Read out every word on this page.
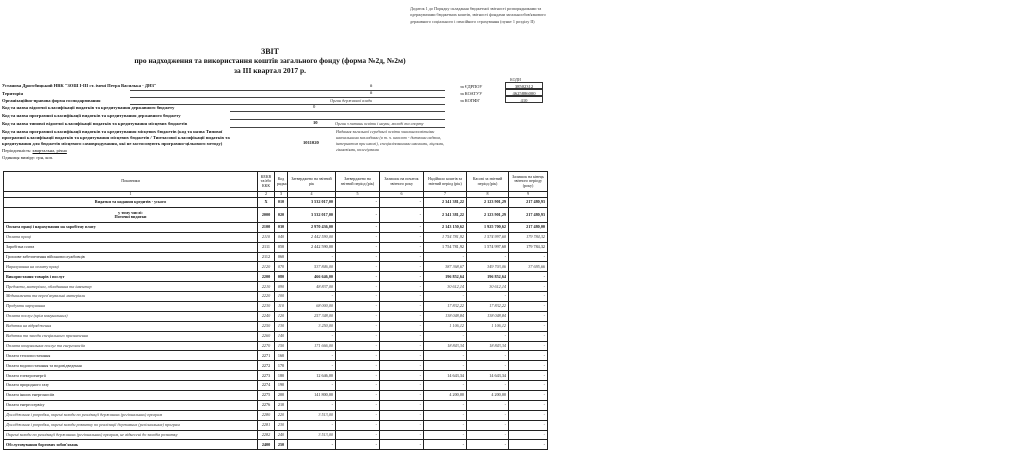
Додаток 1 до Порядку складання бюджетної звітності розпорядниками та одержувачами бюджетних коштів, звітності фондами загальнообов'язкового державного соціального і пенсійного страхування (пункт 1 розділу II)
ЗВІТ
про надходження та використання коштів загального фонду (форма №2д, №2м)
за ІІІ квартал 2017 р.
КОДИ
Установа Дрогобицький НВК "ЗОШ І-ІІІ ст. імені Петра Василька - ДНЗ"	#	за ЄДРПОУ	38502312
Територія	#	за КОАТУУ	4625886000
Організаційно-правова форма господарювання	Орган державної влади	за КОПФГ	410
Код та назва відомчої класифікації видатків та кредитування державного бюджету	0
Код та назва програмної класифікації видатків та кредитування державного бюджету
Код та назва типової відомчої класифікації видатків та кредитування місцевих бюджетів	10	Орган з питань освіти і науки, молоді та спорту
Код та назва програмної класифікації видатків та кредитування місцевих бюджетів (код та назва Типової
програмної класифікації видатків та кредитування місцевих бюджетів / Тимчасової класифікації видатків та
кредитування для бюджетів місцевого самоврядування, які не застосовують програмно-цільового методу)	1011020
Надання загальної середньої освіти загальноосвітніми навчальними закладами (в т. ч. школою - дитячим садком, інтернатом при школі), спеціалізованими школами, ліцеями, гімназіями, колегіумами
Періодичність: квартальна, річна
Одиниця виміру: грн, коп.
Показники	КЕКВ та/або ККК	Код рядка	Затверджено на звітний рік	Затверджено на звітний період (рік)	Залишок на початок звітного року	Надійшло коштів за звітний період (рік)	Касові за звітний період (рік)	Залишок на кінець звітного періоду (року)
1	2	3	4	5	6	7	8	9
Видатки та надання кредитів - усього	X	010	3 532 017,00	-	-	2 341 381,22	2 123 901,29	217 480,93
у тому числі:
Поточні видатки	2000	020	3 532 017,00	-	-	2 341 381,22	2 123 901,29	217 480,93
Оплата праці і нарахування на заробітну плату	2100	030	2 970 436,00	-	-	2 143 150,62	1 925 700,62	217 480,00
Оплата праці	2110	040	2 442 590,00	-	-	1 754 781,92	1 574 997,60	179 784,32
Заробітна плата	2111	050	2 442 590,00	-	-	1 754 781,92	1 574 997,60	179 784,32
Грошове забезпечення військовослужбовців	2112	060	-	-	-	-	-	-
Нарахування на оплату праці	2120	070	537 846,00	-	-	387 368,67	349 703,06	37 695,66
Використання товарів і послуг	2200	080	466 646,00	-	-	196 852,64	196 852,64	-
Предмети, матеріали, обладнання та інвентар	2210	090	48 837,00	-	-	30 612,14	30 612,14	-
Медикаменти та перев'язувальні матеріали	2220	100	-	-	-	-	-	-
Продукти харчування	2230	110	68 000,00	-	-	17 832,22	17 832,22	-
Оплата послуг (крім комунальних)	2240	120	257 348,00	-	-	138 048,84	138 048,84	-
Видатки на відрядження	2250	130	3 250,00	-	-	1 106,12	1 106,12	-
Видатки та заходи спеціального призначення	2260	140	-	-	-	-	-	-
Оплата комунальних послуг та енергоносіїв	2270	150	171 666,00	-	-	18 843,34	18 843,34	-
Оплата теплопостачання	2271	160	-	-	-	-	-	-
Оплата водопостачання та водовідведення	2272	170	-	-	-	-	-	-
Оплата електроенергії	2273	180	12 646,00	-	-	14 643,34	14 643,34	-
Оплата природного газу	2274	190	-	-	-	-	-	-
Оплата інших енергоносіїв	2275	200	141 800,00	-	-	4 200,00	4 200,00	-
Оплата енергосервісу	2276	210	-	-	-	-	-	-
Дослідження і розробки, окремі заходи по реалізації державних (регіональних) програм	2280	220	3 513,00	-	-	-	-	-
Дослідження і розробки, окремі заходи розвитку по реалізації державних (регіональних) програм	2281	230	-	-	-	-	-	-
Окремі заходи по реалізації державних (регіональних) програм, не віднесені до заходів розвитку	2282	240	3 513,00	-	-	-	-	-
Обслуговування боргових зобов'язань	2400	250	-	-	-	-	-	-
